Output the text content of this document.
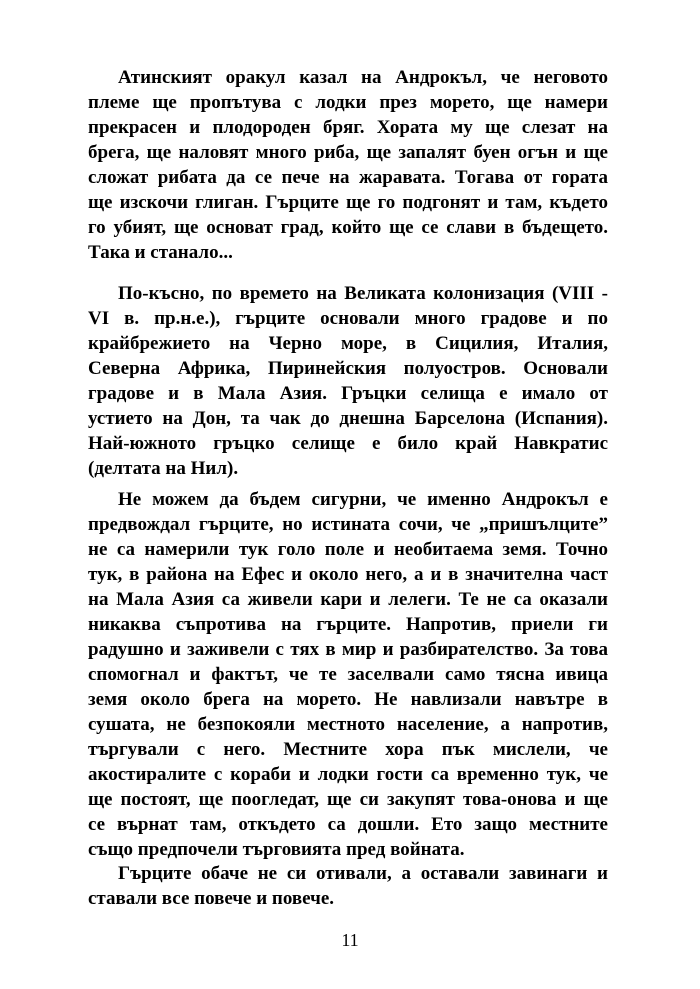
Атинският оракул казал на Андрокъл, че неговото
племе ще пропътува с лодки през морето, ще намери
прекрасен и плодороден бряг. Хората му ще слезат на
брега, ще наловят много риба, ще запалят буен огън и ще
сложат рибата да се пече на жаравата. Тогава от гората
ще изскочи глиган. Гърците ще го подгонят и там, където
го убият, ще основат град, който ще се слави в бъдещето.
Така и станало...
По-късно, по времето на Великата колонизация (VIII -
VI в. пр.н.е.), гърците основали много градове и по
крайбрежието на Черно море, в Сицилия, Италия,
Северна Африка, Пиринейския полуостров. Основали
градове и в Мала Азия. Гръцки селища е имало от
устието на Дон, та чак до днешна Барселона (Испания).
Най-южното гръцко селище е било край Навкратис
(делтата на Нил).
Не можем да бъдем сигурни, че именно Андрокъл е
предвождал гърците, но истината сочи, че „пришълците”
не са намерили тук голо поле и необитаема земя. Точно
тук, в района на Ефес и около него, а и в значителна част
на Мала Азия са живели кари и лелеги. Те не са оказали
никаква съпротива на гърците. Напротив, приели ги
радушно и заживели с тях в мир и разбирателство. За това
спомогнал и фактът, че те заселвали само тясна ивица
земя около брега на морето. Не навлизали навътре в
сушата, не безпокояли местното население, а напротив,
търгували с него. Местните хора пък мислели, че
акостиралите с кораби и лодки гости са временно тук, че
ще постоят, ще поогледат, ще си закупят това-онова и ще
се върнат там, откъдето са дошли. Ето защо местните
също предпочели търговията пред войната.
Гърците обаче не си отивали, а оставали завинаги и
ставали все повече и повече.
11
